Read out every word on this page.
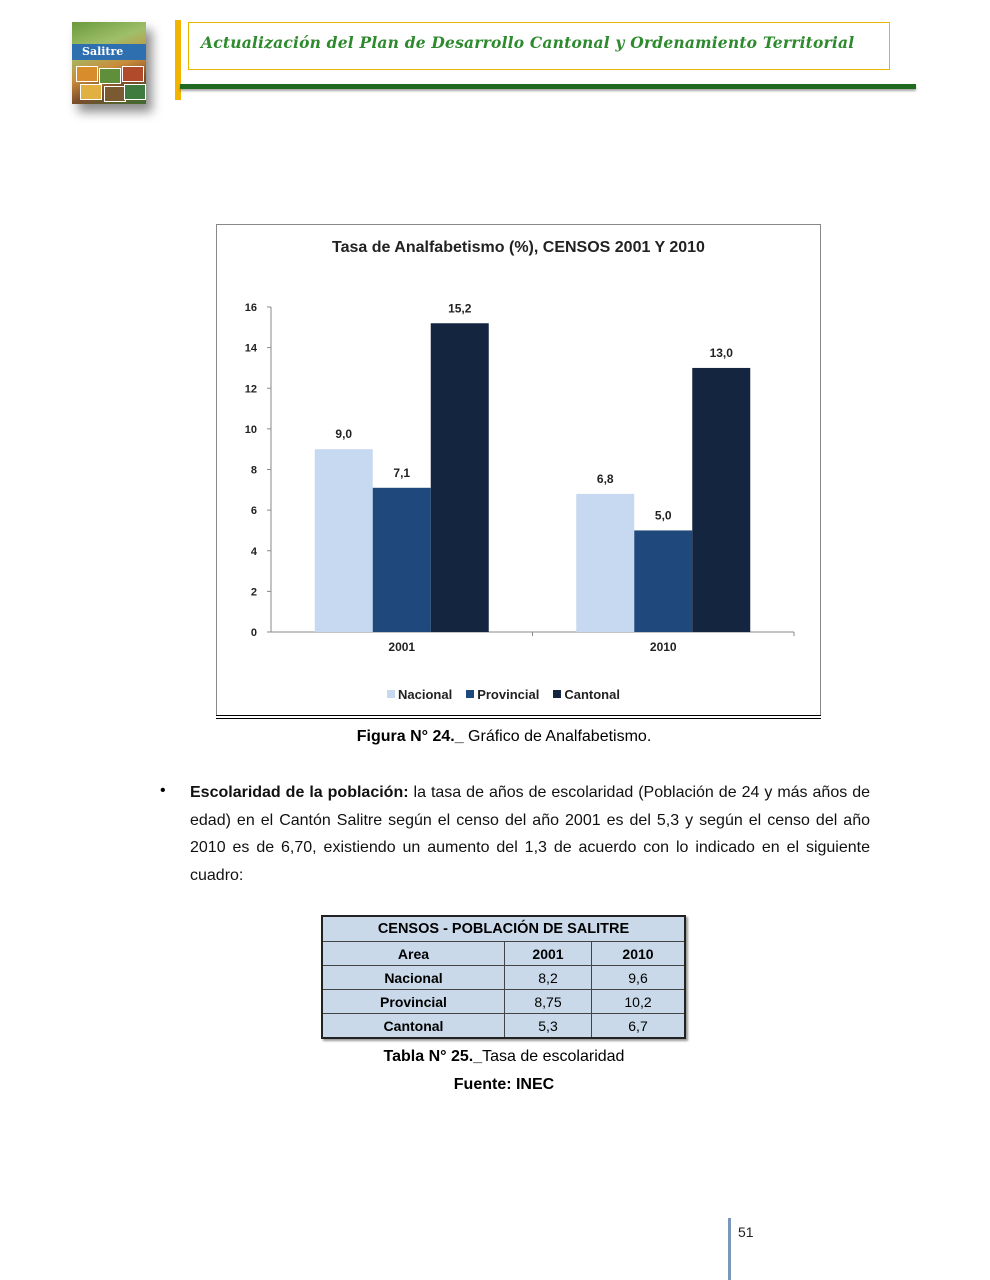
Salitre	Actualización del Plan de Desarrollo Cantonal y Ordenamiento Territorial
Tasa de Analfabetismo (%), CENSOS 2001 Y 2010
0
2
4
6
8
10
12
14
16
9,0
7,1
15,2
2001
6,8
5,0
13,0
2010
Nacional Provincial Cantonal
Figura N° 24._ Gráfico de Analfabetismo.
• Escolaridad de la población: la tasa de años de escolaridad (Población de 24 y más años de edad) en el Cantón Salitre según el censo del año 2001 es del 5,3 y según el censo del año 2010 es de 6,70, existiendo un aumento del 1,3 de acuerdo con lo indicado en el siguiente cuadro:
CENSOS - POBLACIÓN DE SALITRE		
Area	2001	2010
Nacional	8,2	9,6
Provincial	8,75	10,2
Cantonal	5,3	6,7
Tabla N° 25._Tasa de escolaridad
Fuente: INEC
51
